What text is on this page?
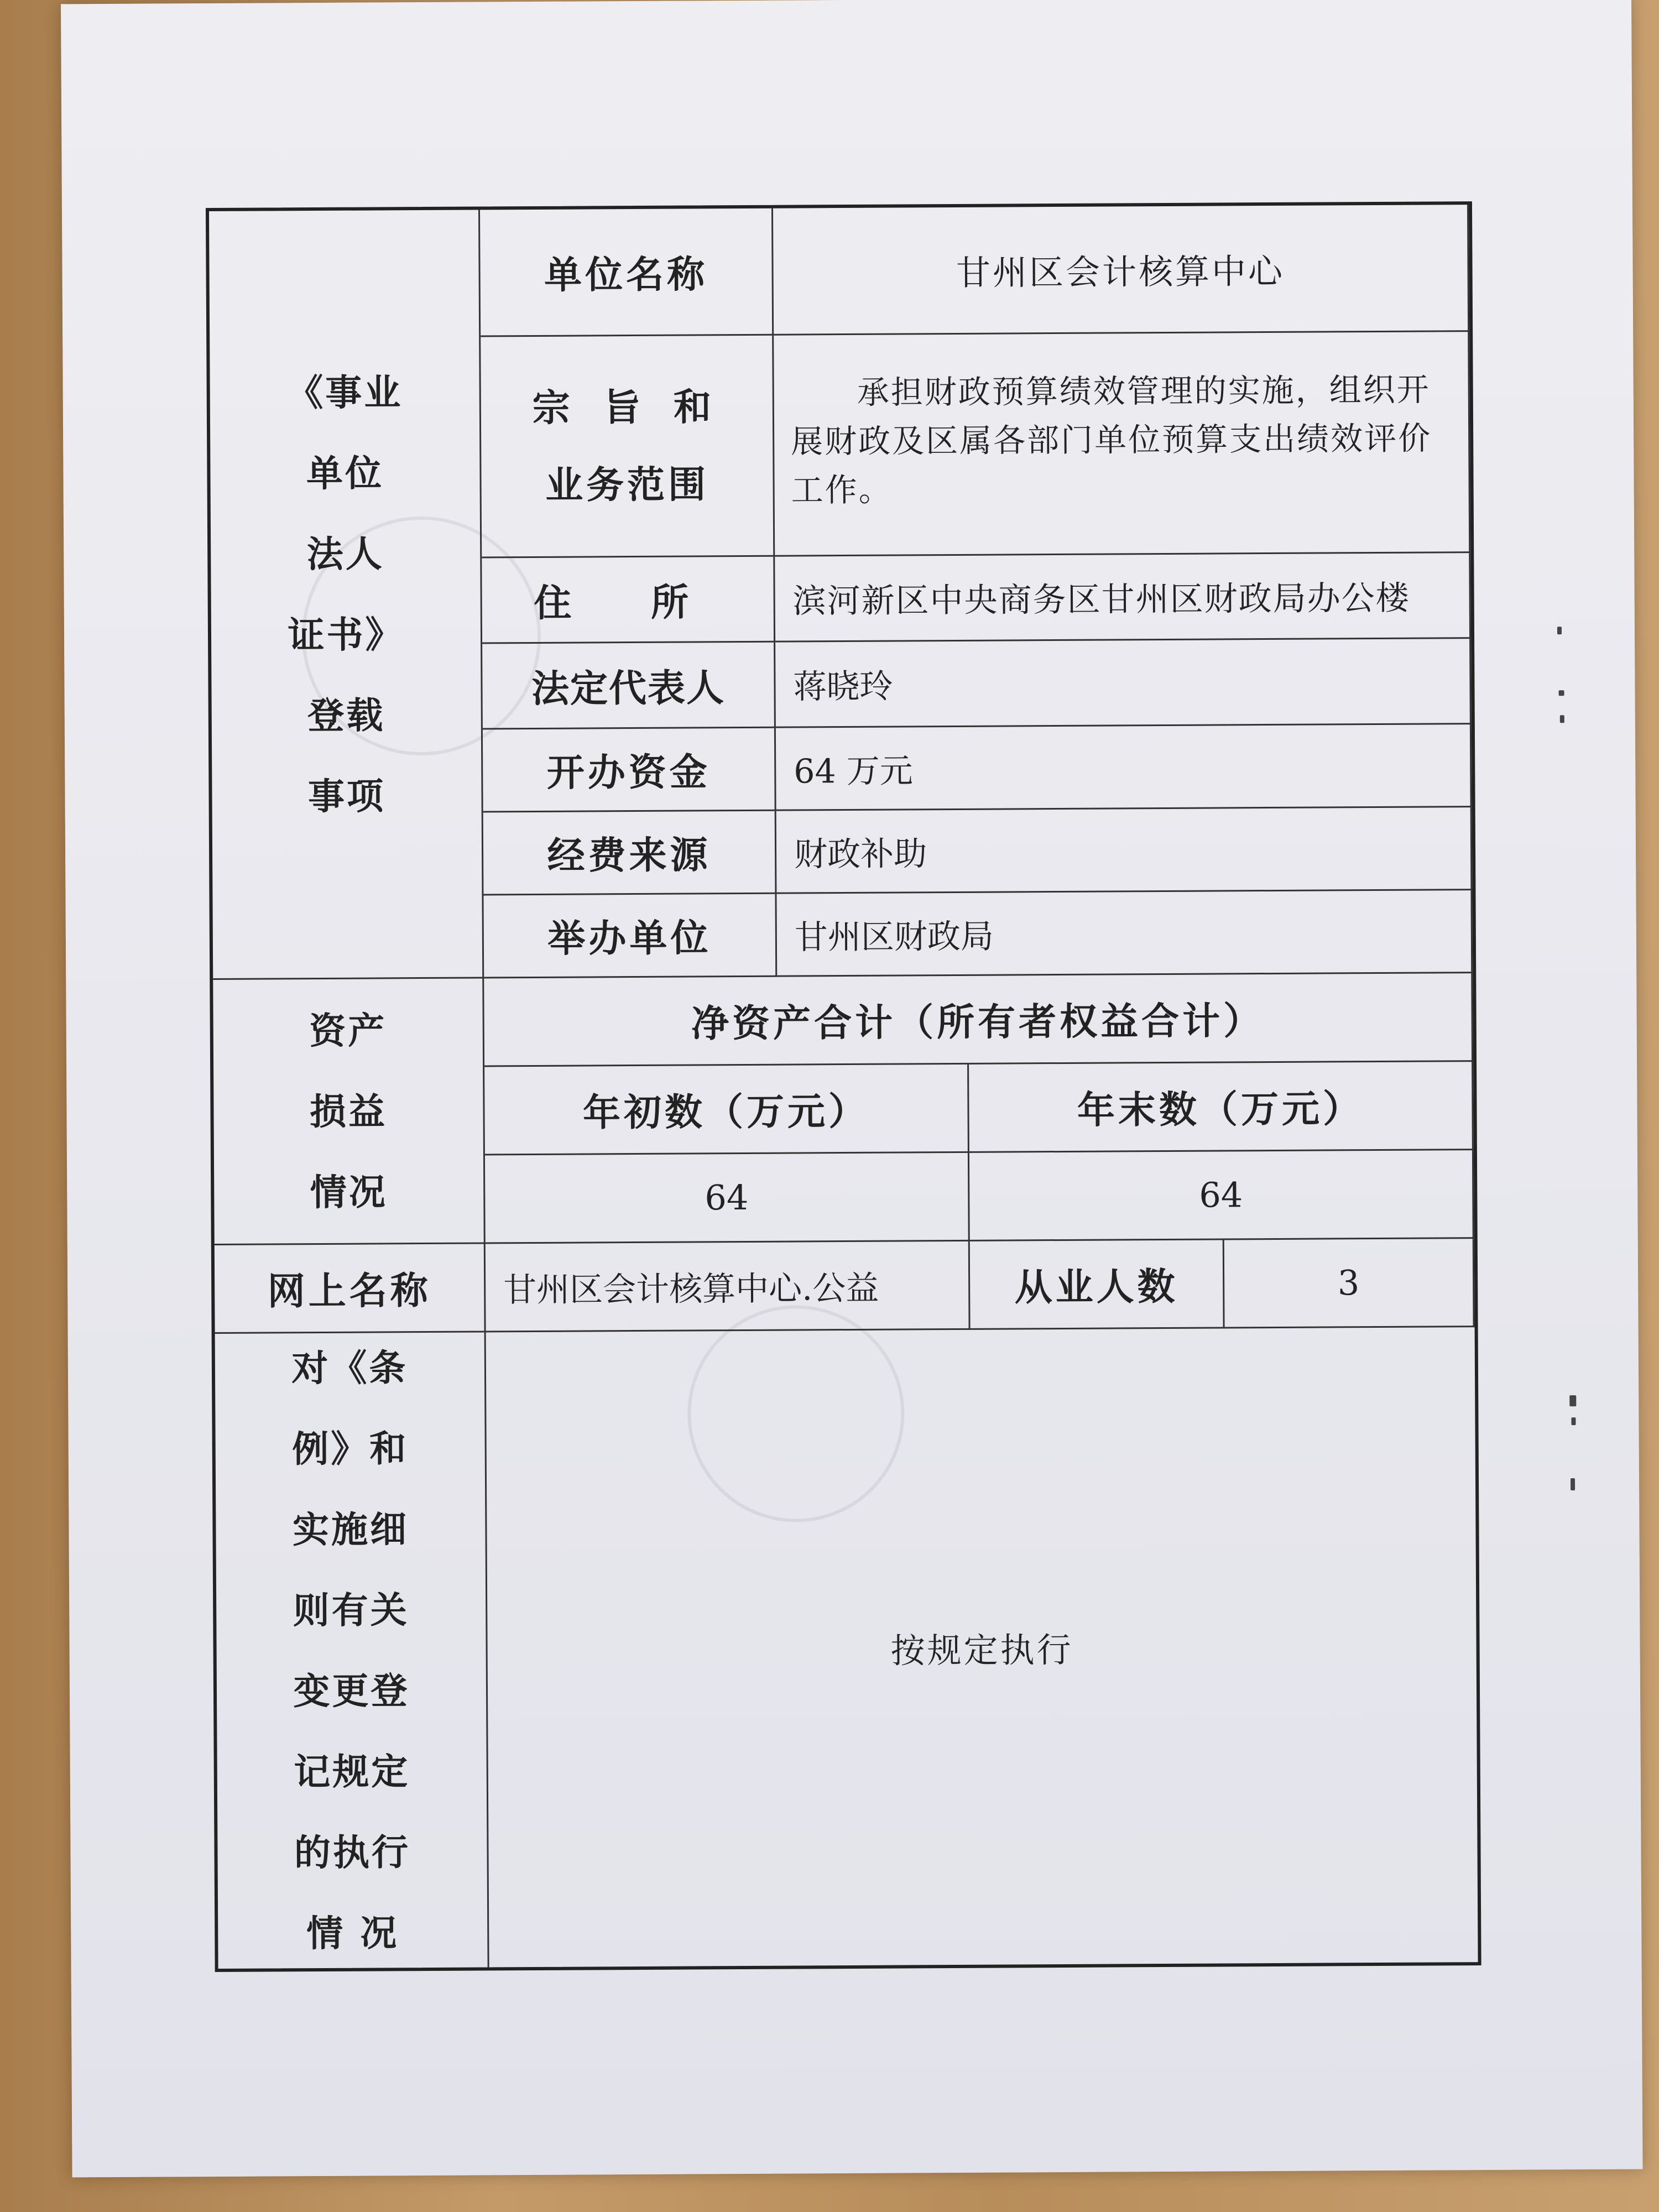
《事业
单位
法人
证书》
登载
事项
单位名称	甘州区会计核算中心
宗 旨 和
业务范围
承担财政预算绩效管理的实施，组织开展财政及区属各部门单位预算支出绩效评价工作。
住 所	滨河新区中央商务区甘州区财政局办公楼
法定代表人	蒋晓玲
开办资金	64 万元
经费来源	财政补助
举办单位	甘州区财政局
资产
损益
情况
净资产合计（所有者权益合计）
年初数（万元）	年末数（万元）
64	64
网上名称	甘州区会计核算中心.公益	从业人数	3
对《条
例》和
实施细
则有关
变更登
记规定
的执行
情 况
按规定执行
